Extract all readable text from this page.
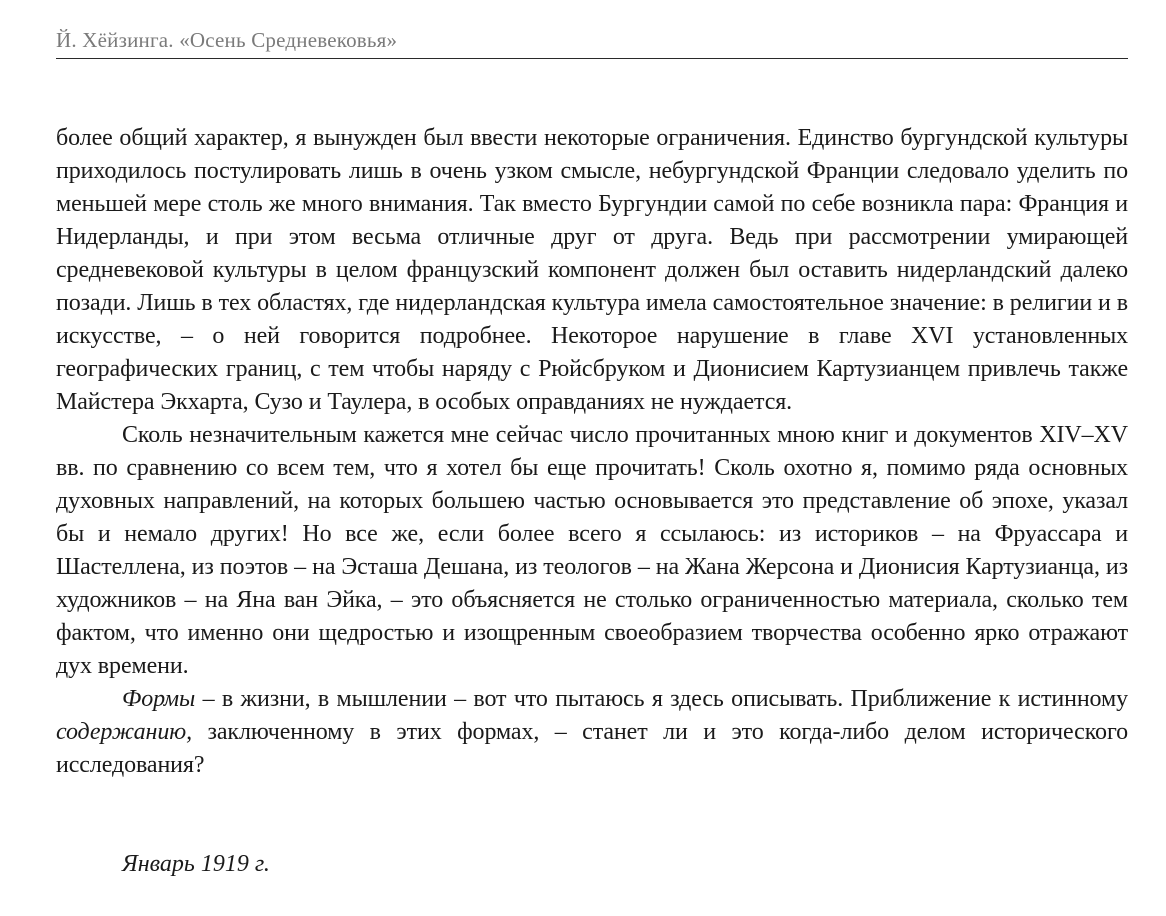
Й. Хёйзинга. «Осень Средневековья»

более общий характер, я вынужден был ввести некоторые ограничения. Единство бургундской культуры приходилось постулировать лишь в очень узком смысле, небургундской Франции следовало уделить по меньшей мере столь же много внимания. Так вместо Бургундии самой по себе возникла пара: Франция и Нидерланды, и при этом весьма отличные друг от друга. Ведь при рассмотрении умирающей средневековой культуры в целом французский компонент должен был оставить нидерландский далеко позади. Лишь в тех областях, где нидерландская культура имела самостоятельное значение: в религии и в искусстве, – о ней говорится подробнее. Некоторое нарушение в главе XVI установленных географических границ, с тем чтобы наряду с Рюйсбруком и Дионисием Картузианцем привлечь также Майстера Экхарта, Сузо и Таулера, в особых оправданиях не нуждается.

Сколь незначительным кажется мне сейчас число прочитанных мною книг и документов XIV–XV вв. по сравнению со всем тем, что я хотел бы еще прочитать! Сколь охотно я, помимо ряда основных духовных направлений, на которых большею частью основывается это представление об эпохе, указал бы и немало других! Но все же, если более всего я ссылаюсь: из историков – на Фруассара и Шастеллена, из поэтов – на Эсташа Дешана, из теологов – на Жана Жерсона и Дионисия Картузианца, из художников – на Яна ван Эйка, – это объясняется не столько ограниченностью материала, сколько тем фактом, что именно они щедростью и изощренным своеобразием творчества особенно ярко отражают дух времени.

Формы – в жизни, в мышлении – вот что пытаюсь я здесь описывать. Приближение к истинному содержанию, заключенному в этих формах, – станет ли и это когда-либо делом исторического исследования?

Январь 1919 г.
